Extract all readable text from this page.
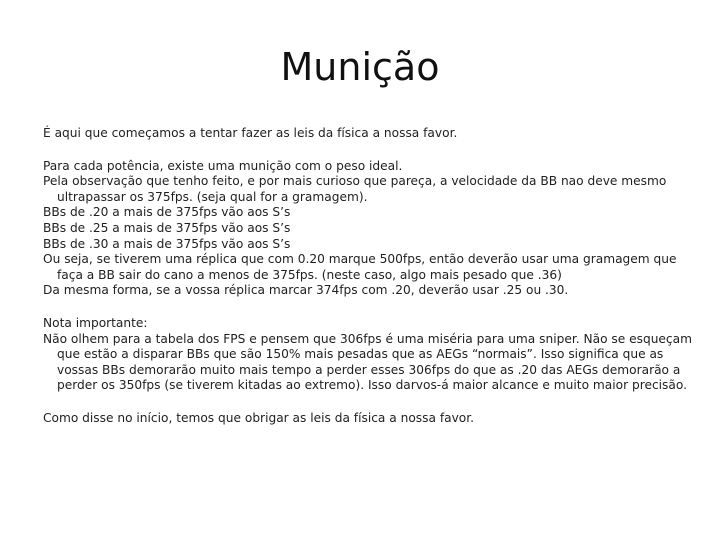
Munição

É aqui que começamos a tentar fazer as leis da física a nossa favor.

Para cada potência, existe uma munição com o peso ideal.

Pela observação que tenho feito, e por mais curioso que pareça, a velocidade da BB nao deve mesmo ultrapassar os 375fps. (seja qual for a gramagem).

BBs de .20 a mais de 375fps vão aos S’s

BBs de .25 a mais de 375fps vão aos S’s

BBs de .30 a mais de 375fps vão aos S’s

Ou seja, se tiverem uma réplica que com 0.20 marque 500fps, então deverão usar uma gramagem que faça a BB sair do cano a menos de 375fps. (neste caso, algo mais pesado que .36)

Da mesma forma, se a vossa réplica marcar 374fps com .20, deverão usar .25 ou .30.

Nota importante:

Não olhem para a tabela dos FPS e pensem que 306fps é uma miséria para uma sniper. Não se esqueçam que estão a disparar BBs que são 150% mais pesadas que as AEGs “normais”. Isso significa que as vossas BBs demorarão muito mais tempo a perder esses 306fps do que as .20 das AEGs demorarão a perder os 350fps (se tiverem kitadas ao extremo). Isso darvos-á maior alcance e muito maior precisão.

Como disse no início, temos que obrigar as leis da física a nossa favor.
